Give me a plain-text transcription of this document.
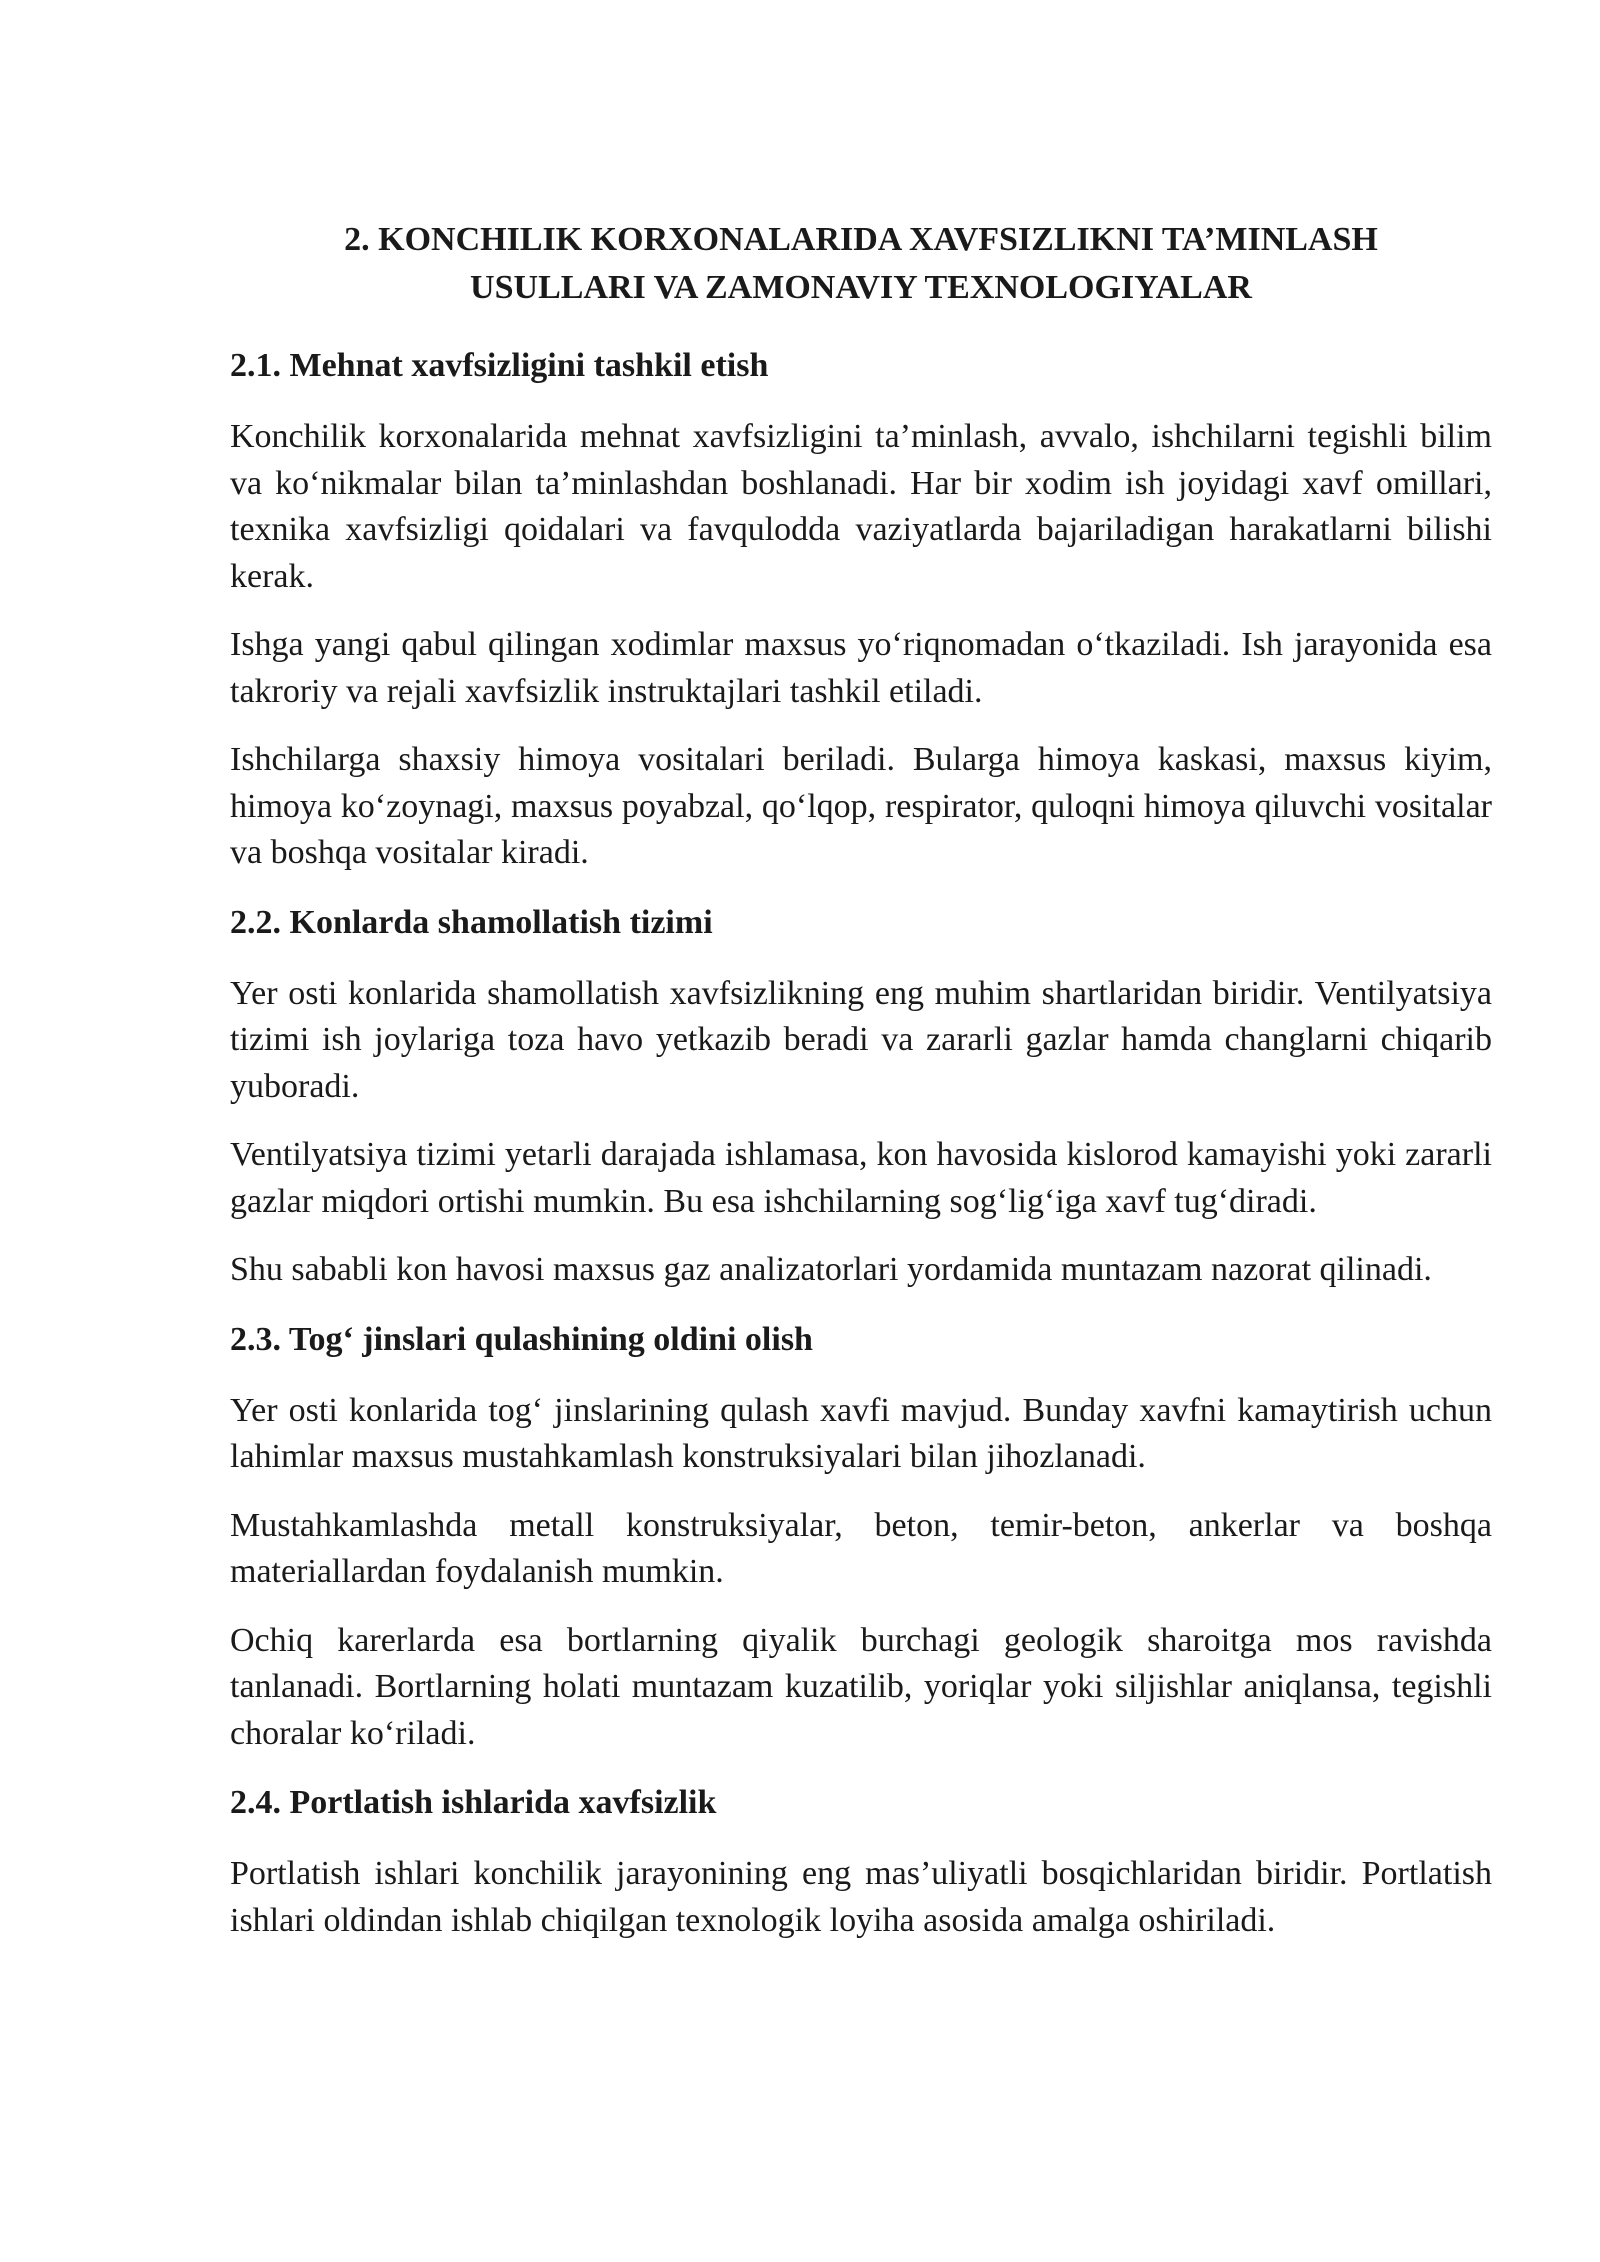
2. KONCHILIK KORXONALARIDA XAVFSIZLIKNI TA’MINLASH
USULLARI VA ZAMONAVIY TEXNOLOGIYALAR
2.1. Mehnat xavfsizligini tashkil etish

Konchilik korxonalarida mehnat xavfsizligini ta’minlash, avvalo, ishchilarni tegishli bilim va ko‘nikmalar bilan ta’minlashdan boshlanadi. Har bir xodim ish joyidagi xavf omillari, texnika xavfsizligi qoidalari va favqulodda vaziyatlarda bajariladigan harakatlarni bilishi kerak.

Ishga yangi qabul qilingan xodimlar maxsus yo‘riqnomadan o‘tkaziladi. Ish jarayonida esa takroriy va rejali xavfsizlik instruktajlari tashkil etiladi.

Ishchilarga shaxsiy himoya vositalari beriladi. Bularga himoya kaskasi, maxsus kiyim, himoya ko‘zoynagi, maxsus poyabzal, qo‘lqop, respirator, quloqni himoya qiluvchi vositalar va boshqa vositalar kiradi.

2.2. Konlarda shamollatish tizimi

Yer osti konlarida shamollatish xavfsizlikning eng muhim shartlaridan biridir. Ventilyatsiya tizimi ish joylariga toza havo yetkazib beradi va zararli gazlar hamda changlarni chiqarib yuboradi.

Ventilyatsiya tizimi yetarli darajada ishlamasa, kon havosida kislorod kamayishi yoki zararli gazlar miqdori ortishi mumkin. Bu esa ishchilarning sog‘lig‘iga xavf tug‘diradi.

Shu sababli kon havosi maxsus gaz analizatorlari yordamida muntazam nazorat qilinadi.

2.3. Tog‘ jinslari qulashining oldini olish

Yer osti konlarida tog‘ jinslarining qulash xavfi mavjud. Bunday xavfni kamaytirish uchun lahimlar maxsus mustahkamlash konstruksiyalari bilan jihozlanadi.

Mustahkamlashda metall konstruksiyalar, beton, temir-beton, ankerlar va boshqa materiallardan foydalanish mumkin.

Ochiq karerlarda esa bortlarning qiyalik burchagi geologik sharoitga mos ravishda tanlanadi. Bortlarning holati muntazam kuzatilib, yoriqlar yoki siljishlar aniqlansa, tegishli choralar ko‘riladi.

2.4. Portlatish ishlarida xavfsizlik

Portlatish ishlari konchilik jarayonining eng mas’uliyatli bosqichlaridan biridir. Portlatish ishlari oldindan ishlab chiqilgan texnologik loyiha asosida amalga oshiriladi.
